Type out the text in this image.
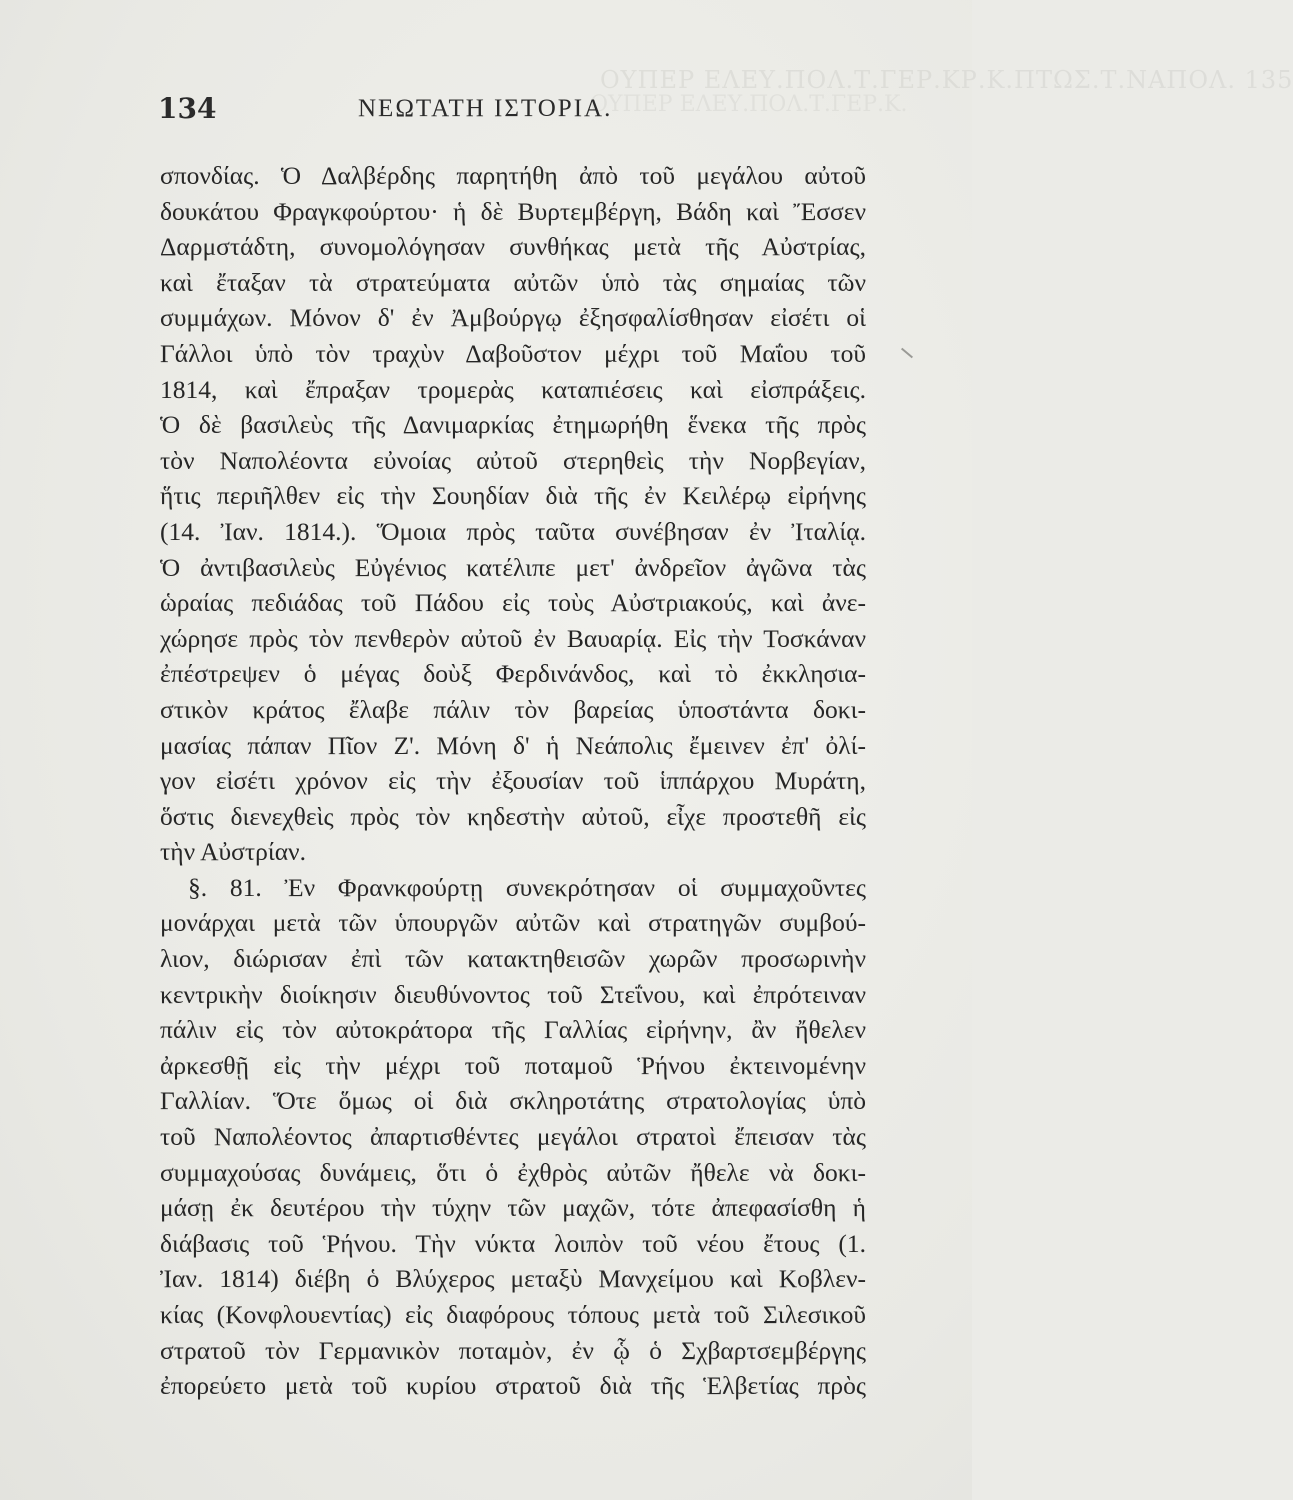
ΟΥΠΕΡ ΕΛΕΥ.ΠΟΛ.Τ.ΓΕΡ.ΚΡ.Κ.ΠΤΩΣ.Τ.ΝΑΠΟΛ. 135
ΟΥΠΕΡ ΕΛΕΥ.ΠΟΛ.Τ.ΓΕΡ.Κ.
134	ΝΕΩΤΑΤΗ ΙΣΤΟΡΙΑ.
σπονδίας. Ὁ Δαλβέρδης παρητήθη ἀπὸ τοῦ μεγάλου αὐτοῦ
δουκάτου Φραγκφούρτου· ἡ δὲ Βυρτεμβέργη, Βάδη καὶ Ἔσσεν
Δαρμστάδτη, συνομολόγησαν συνθήκας μετὰ τῆς Αὐστρίας,
καὶ ἔταξαν τὰ στρατεύματα αὐτῶν ὑπὸ τὰς σημαίας τῶν
συμμάχων. Μόνον δ' ἐν Ἀμβούργῳ ἐξησφαλίσθησαν εἰσέτι οἱ
Γάλλοι ὑπὸ τὸν τραχὺν Δαβοῦστον μέχρι τοῦ Μαΐου τοῦ
1814, καὶ ἔπραξαν τρομερὰς καταπιέσεις καὶ εἰσπράξεις.
Ὁ δὲ βασιλεὺς τῆς Δανιμαρκίας ἐτημωρήθη ἕνεκα τῆς πρὸς
τὸν Ναπολέοντα εὐνοίας αὐτοῦ στερηθεὶς τὴν Νορβεγίαν,
ἥτις περιῆλθεν εἰς τὴν Σουηδίαν διὰ τῆς ἐν Κειλέρῳ εἰρήνης
(14. Ἰαν. 1814.). Ὅμοια πρὸς ταῦτα συνέβησαν ἐν Ἰταλίᾳ.
Ὁ ἀντιβασιλεὺς Εὐγένιος κατέλιπε μετ' ἀνδρεῖον ἀγῶνα τὰς
ὡραίας πεδιάδας τοῦ Πάδου εἰς τοὺς Αὐστριακούς, καὶ ἀνε-
χώρησε πρὸς τὸν πενθερὸν αὐτοῦ ἐν Βαυαρίᾳ. Εἰς τὴν Τοσκάναν
ἐπέστρεψεν ὁ μέγας δοὺξ Φερδινάνδος, καὶ τὸ ἐκκλησια-
στικὸν κράτος ἔλαβε πάλιν τὸν βαρείας ὑποστάντα δοκι-
μασίας πάπαν Πῖον Ζ'. Μόνη δ' ἡ Νεάπολις ἔμεινεν ἐπ' ὀλί-
γον εἰσέτι χρόνον εἰς τὴν ἐξουσίαν τοῦ ἱππάρχου Μυράτη,
ὅστις διενεχθεὶς πρὸς τὸν κηδεστὴν αὐτοῦ, εἶχε προστεθῆ εἰς
τὴν Αὐστρίαν.
§. 81. Ἐν Φρανκφούρτῃ συνεκρότησαν οἱ συμμαχοῦντες
μονάρχαι μετὰ τῶν ὑπουργῶν αὐτῶν καὶ στρατηγῶν συμβού-
λιον, διώρισαν ἐπὶ τῶν κατακτηθεισῶν χωρῶν προσωρινὴν
κεντρικὴν διοίκησιν διευθύνοντος τοῦ Στεΐνου, καὶ ἐπρότειναν
πάλιν εἰς τὸν αὐτοκράτορα τῆς Γαλλίας εἰρήνην, ἂν ἤθελεν
ἀρκεσθῇ εἰς τὴν μέχρι τοῦ ποταμοῦ Ῥήνου ἐκτεινομένην
Γαλλίαν. Ὅτε ὅμως οἱ διὰ σκληροτάτης στρατολογίας ὑπὸ
τοῦ Ναπολέοντος ἀπαρτισθέντες μεγάλοι στρατοὶ ἔπεισαν τὰς
συμμαχούσας δυνάμεις, ὅτι ὁ ἐχθρὸς αὐτῶν ἤθελε νὰ δοκι-
μάσῃ ἐκ δευτέρου τὴν τύχην τῶν μαχῶν, τότε ἀπεφασίσθη ἡ
διάβασις τοῦ Ῥήνου. Τὴν νύκτα λοιπὸν τοῦ νέου ἔτους (1.
Ἰαν. 1814) διέβη ὁ Βλύχερος μεταξὺ Μανχείμου καὶ Κοβλεν-
κίας (Κονφλουεντίας) εἰς διαφόρους τόπους μετὰ τοῦ Σιλεσικοῦ
στρατοῦ τὸν Γερμανικὸν ποταμὸν, ἐν ᾧ ὁ Σχβαρτσεμβέργης
ἐπορεύετο μετὰ τοῦ κυρίου στρατοῦ διὰ τῆς Ἑλβετίας πρὸς
